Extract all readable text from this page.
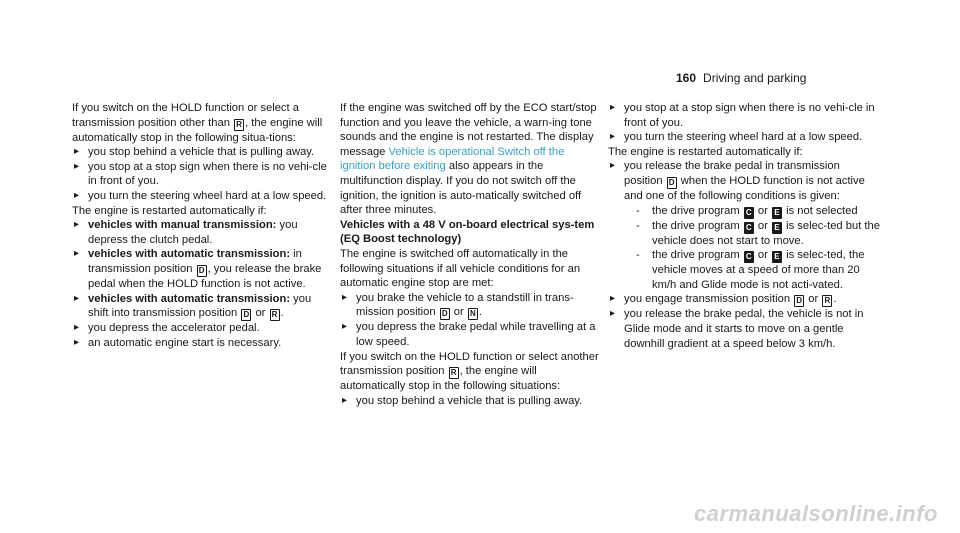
160 Driving and parking

If you switch on the HOLD function or select a transmission position other than R , the engine will automatically stop in the following situa-tions:

▸ you stop behind a vehicle that is pulling away.
▸ you stop at a stop sign when there is no vehi-cle in front of you.
▸ you turn the steering wheel hard at a low speed.

The engine is restarted automatically if:

▸ vehicles with manual transmission: you depress the clutch pedal.
▸ vehicles with automatic transmission: in transmission position D , you release the brake pedal when the HOLD function is not active.
▸ vehicles with automatic transmission: you shift into transmission position D or R .
▸ you depress the accelerator pedal.
▸ an automatic engine start is necessary.

If the engine was switched off by the ECO start/stop function and you leave the vehicle, a warn-ing tone sounds and the engine is not restarted. The display message Vehicle is operational Switch off the ignition before exiting also appears in the multifunction display. If you do not switch off the ignition, the ignition is auto-matically switched off after three minutes.

Vehicles with a 48 V on-board electrical sys-tem (EQ Boost technology)

The engine is switched off automatically in the following situations if all vehicle conditions for an automatic engine stop are met:

▸ you brake the vehicle to a standstill in trans-mission position D or N .
▸ you depress the brake pedal while travelling at a low speed.

If you switch on the HOLD function or select another transmission position R , the engine will automatically stop in the following situations:

▸ you stop behind a vehicle that is pulling away.
▸ you stop at a stop sign when there is no vehi-cle in front of you.
▸ you turn the steering wheel hard at a low speed.

The engine is restarted automatically if:

▸ you release the brake pedal in transmission position D when the HOLD function is not active and one of the following conditions is given:
- the drive program C or E is not selected
- the drive program C or E is selec-ted but the vehicle does not start to move.
- the drive program C or E is selec-ted, the vehicle moves at a speed of more than 20 km/h and Glide mode is not acti-vated.
▸ you engage transmission position D or R .
▸ you release the brake pedal, the vehicle is not in Glide mode and it starts to move on a gentle downhill gradient at a speed below 3 km/h.
carmanualsonline.info
